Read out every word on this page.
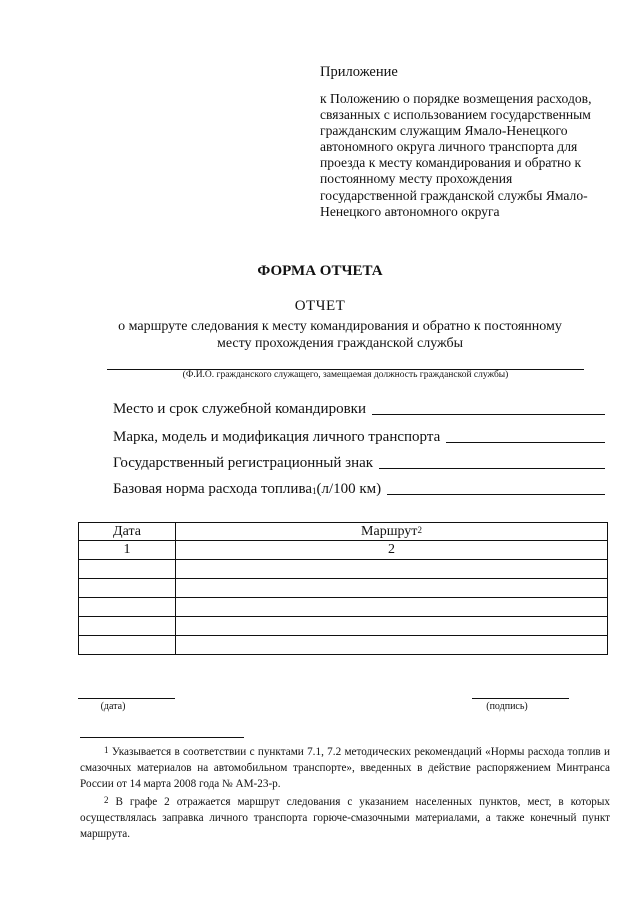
Приложение
к Положению о порядке возмещения расходов, связанных с использованием государственным гражданским служащим Ямало-Ненецкого автономного округа личного транспорта для проезда к месту командирования и обратно к постоянному месту прохождения государственной гражданской службы Ямало-Ненецкого автономного округа
ФОРМА ОТЧЕТА
ОТЧЕТ
о маршруте следования к месту командирования и обратно к постоянному месту прохождения гражданской службы
(Ф.И.О. гражданского служащего, замещаемая должность гражданской службы)
Место и срок служебной командировки
Марка, модель и модификация личного транспорта
Государственный регистрационный знак
Базовая норма расхода топлива$^1$ (л/100 км)
Дата	Маршрут$^2$
1	2

(дата)	(подпись)
$^1$ Указывается в соответствии с пунктами 7.1, 7.2 методических рекомендаций «Нормы расхода топлив и смазочных материалов на автомобильном транспорте», введенных в действие распоряжением Минтранса России от 14 марта 2008 года № АМ-23-р.
$^2$ В графе 2 отражается маршрут следования с указанием населенных пунктов, мест, в которых осуществлялась заправка личного транспорта горюче-смазочными материалами, а также конечный пункт маршрута.
